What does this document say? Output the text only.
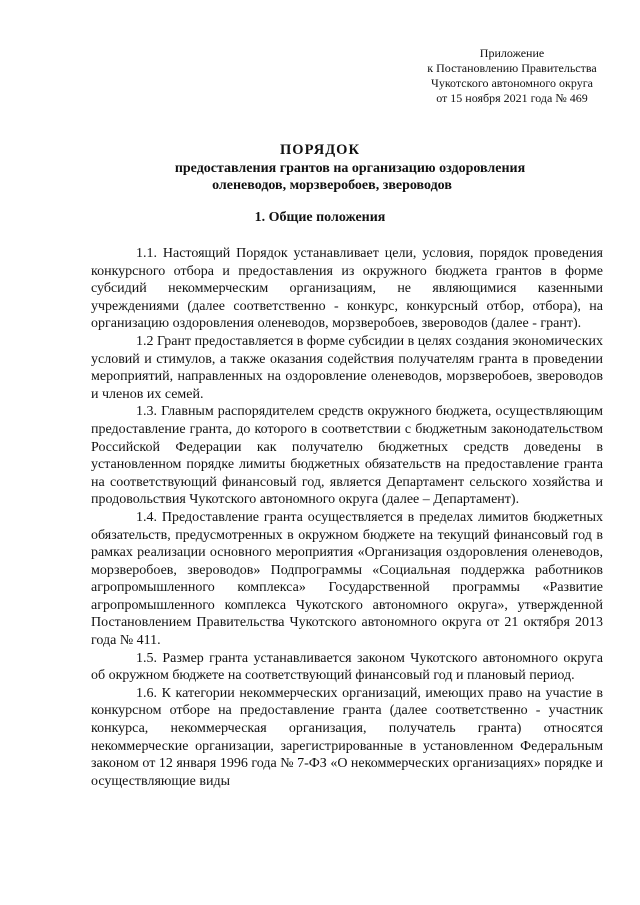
Приложение
к Постановлению Правительства
Чукотского автономного округа
от 15 ноября 2021 года № 469
ПОРЯДОК
предоставления грантов на организацию оздоровления
оленеводов, морзверобоев, звероводов
1. Общие положения

1.1. Настоящий Порядок устанавливает цели, условия, порядок проведения конкурсного отбора и предоставления из окружного бюджета грантов в форме субсидий некоммерческим организациям, не являющимися казенными учреждениями (далее соответственно - конкурс, конкурсный отбор, отбора), на организацию оздоровления оленеводов, морзверобоев, звероводов (далее - грант).

1.2 Грант предоставляется в форме субсидии в целях создания экономических условий и стимулов, а также оказания содействия получателям гранта в проведении мероприятий, направленных на оздоровление оленеводов, морзверобоев, звероводов и членов их семей.

1.3. Главным распорядителем средств окружного бюджета, осуществляющим предоставление гранта, до которого в соответствии с бюджетным законодательством Российской Федерации как получателю бюджетных средств доведены в установленном порядке лимиты бюджетных обязательств на предоставление гранта на соответствующий финансовый год, является Департамент сельского хозяйства и продовольствия Чукотского автономного округа (далее – Департамент).

1.4. Предоставление гранта осуществляется в пределах лимитов бюджетных обязательств, предусмотренных в окружном бюджете на текущий финансовый год в рамках реализации основного мероприятия «Организация оздоровления оленеводов, морзверобоев, звероводов» Подпрограммы «Социальная поддержка работников агропромышленного комплекса» Государственной программы «Развитие агропромышленного комплекса Чукотского автономного округа», утвержденной Постановлением Правительства Чукотского автономного округа от 21 октября 2013 года № 411.

1.5. Размер гранта устанавливается законом Чукотского автономного округа об окружном бюджете на соответствующий финансовый год и плановый период.

1.6. К категории некоммерческих организаций, имеющих право на участие в конкурсном отборе на предоставление гранта (далее соответственно - участник конкурса, некоммерческая организация, получатель гранта) относятся некоммерческие организации, зарегистрированные в установленном Федеральным законом от 12 января 1996 года № 7-ФЗ «О некоммерческих организациях» порядке и осуществляющие виды
